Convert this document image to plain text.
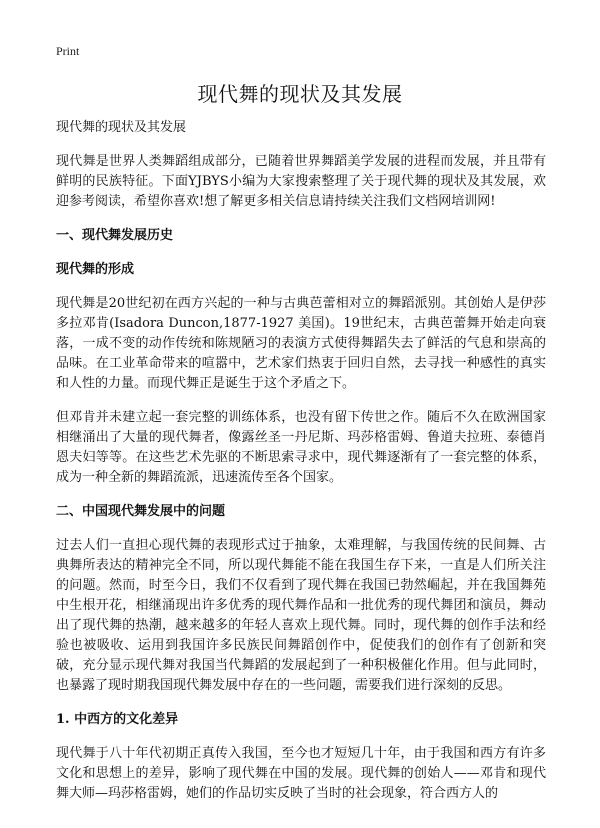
Print
现代舞的现状及其发展
现代舞的现状及其发展

现代舞是世界人类舞蹈组成部分，已随着世界舞蹈美学发展的进程而发展，并且带有鲜明的民族特征。下面YJBYS小编为大家搜索整理了关于现代舞的现状及其发展，欢迎参考阅读，希望你喜欢!想了解更多相关信息请持续关注我们文档网培训网!

一、现代舞发展历史
现代舞的形成

现代舞是20世纪初在西方兴起的一种与古典芭蕾相对立的舞蹈派别。其创始人是伊莎多拉邓肯(Isadora Duncon,1877-1927 美国)。19世纪末，古典芭蕾舞开始走向衰落，一成不变的动作传统和陈规陋习的表演方式使得舞蹈失去了鲜活的气息和崇高的品味。在工业革命带来的喧嚣中，艺术家们热衷于回归自然，去寻找一种感性的真实和人性的力量。而现代舞正是诞生于这个矛盾之下。

但邓肯并未建立起一套完整的训练体系，也没有留下传世之作。随后不久在欧洲国家相继涌出了大量的现代舞者，像露丝圣一丹尼斯、玛莎格雷姆、鲁道夫拉班、泰德肖恩夫妇等等。在这些艺术先驱的不断思索寻求中，现代舞逐渐有了一套完整的体系，成为一种全新的舞蹈流派，迅速流传至各个国家。

二、中国现代舞发展中的问题

过去人们一直担心现代舞的表现形式过于抽象，太难理解，与我国传统的民间舞、古典舞所表达的精神完全不同，所以现代舞能不能在我国生存下来，一直是人们所关注的问题。然而，时至今日，我们不仅看到了现代舞在我国已勃然崛起，并在我国舞苑中生根开花，相继涌现出许多优秀的现代舞作品和一批优秀的现代舞团和演员，舞动出了现代舞的热潮，越来越多的年轻人喜欢上现代舞。同时，现代舞的创作手法和经验也被吸收、运用到我国许多民族民间舞蹈创作中，促使我们的创作有了创新和突破，充分显示现代舞对我国当代舞蹈的发展起到了一种积极催化作用。但与此同时，也暴露了现时期我国现代舞发展中存在的一些问题，需要我们进行深刻的反思。

1. 中西方的文化差异

现代舞于八十年代初期正真传入我国，至今也才短短几十年，由于我国和西方有许多文化和思想上的差异，影响了现代舞在中国的发展。现代舞的创始人——邓肯和现代舞大师—玛莎格雷姆，她们的作品切实反映了当时的社会现象，符合西方人的
